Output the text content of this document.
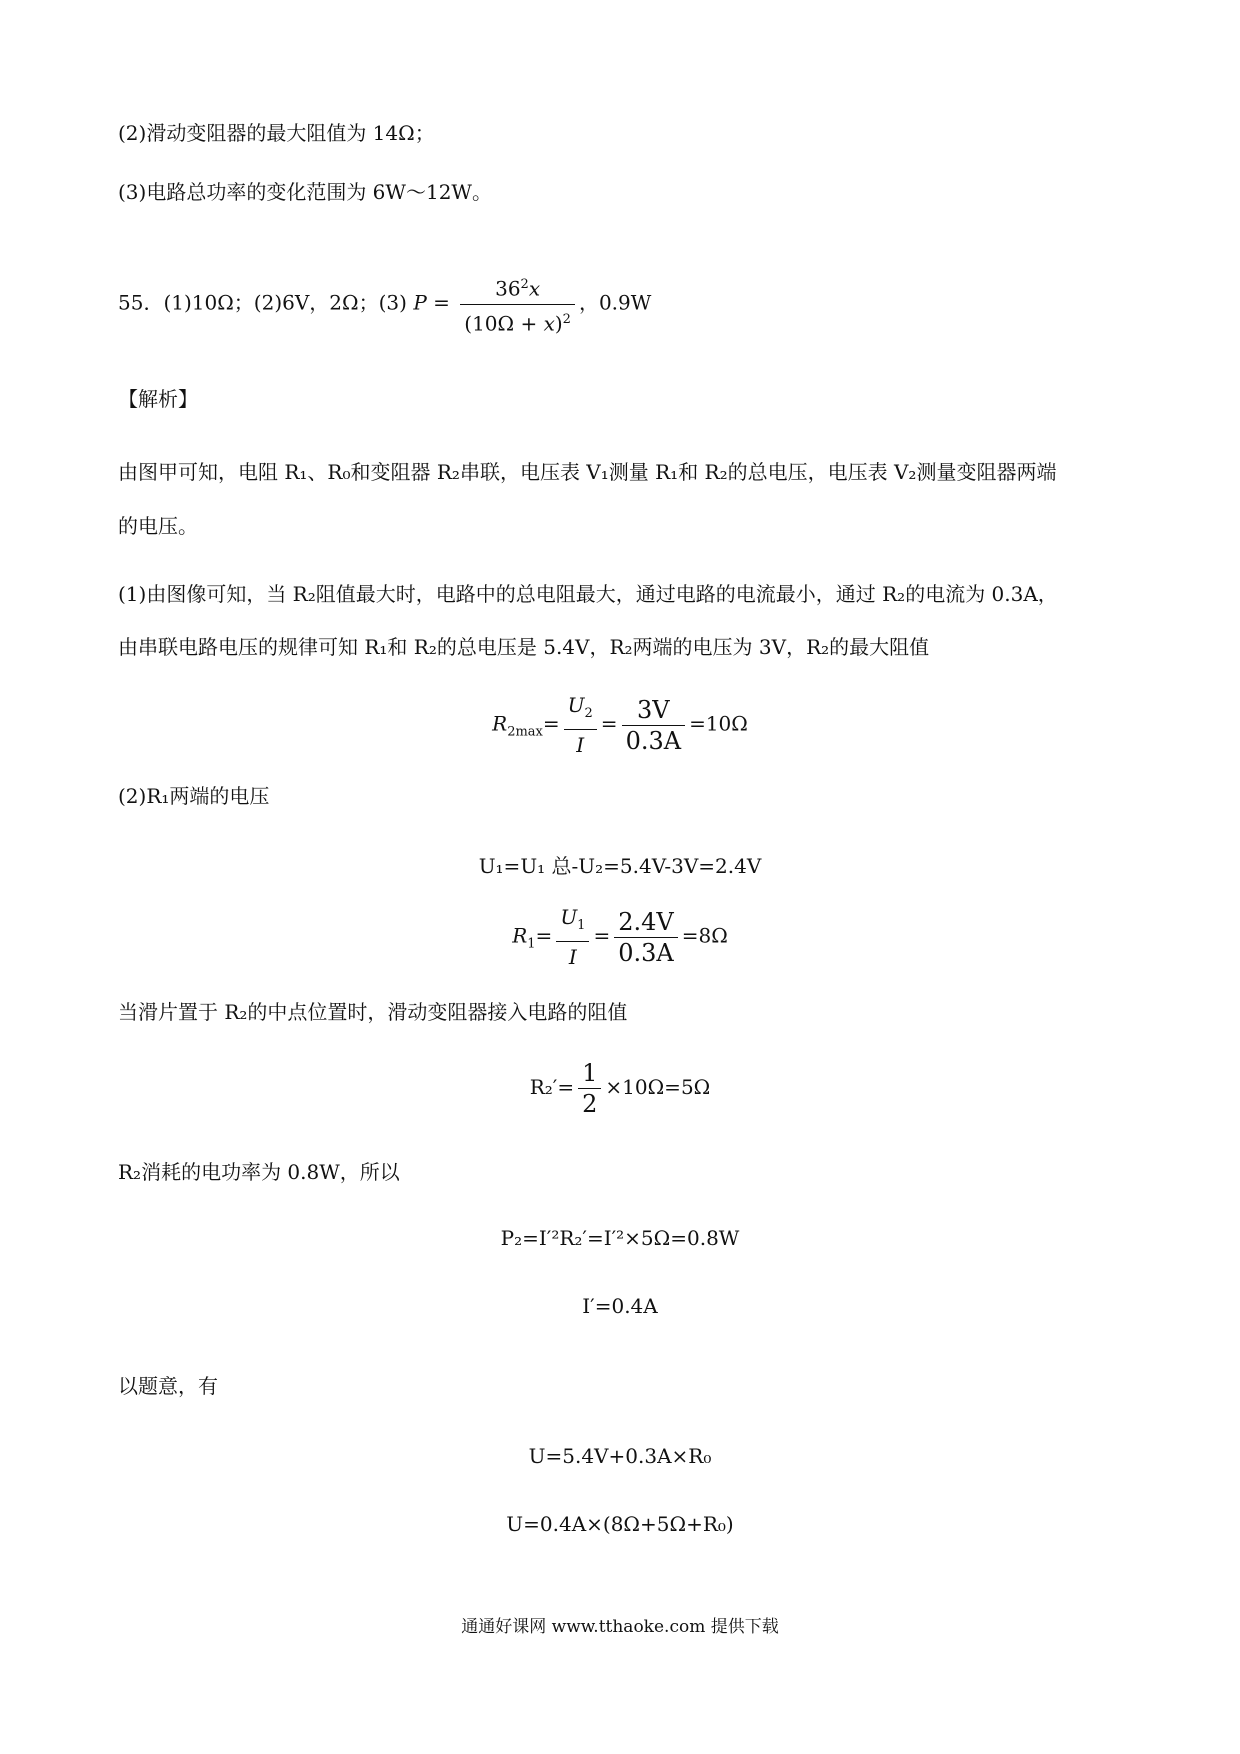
(2)滑动变阻器的最大阻值为 14Ω；
(3)电路总功率的变化范围为 6W～12W。
55．(1)10Ω；(2)6V，2Ω；(3) $P = \frac{36^2x}{(10\Omega + x)^2}$ ，0.9W
【解析】
由图甲可知，电阻 R₁、R₀和变阻器 R₂串联，电压表 V₁测量 R₁和 R₂的总电压，电压表 V₂测量变阻器两端
的电压。
(1)由图像可知，当 R₂阻值最大时，电路中的总电阻最大，通过电路的电流最小，通过 R₂的电流为 0.3A，
由串联电路电压的规律可知 R₁和 R₂的总电压是 5.4V，R₂两端的电压为 3V，R₂的最大阻值
$R_{2max}= \frac{U_2}{I} = \frac{3V}{0.3A} =10\Omega$
(2)R₁两端的电压
U₁=U₁ 总-U₂=5.4V-3V=2.4V
$R_1= \frac{U_1}{I} = \frac{2.4V}{0.3A} =8\Omega$
当滑片置于 R₂的中点位置时，滑动变阻器接入电路的阻值
$R_2'= \frac{1}{2} \times 10\Omega=5\Omega$
R₂消耗的电功率为 0.8W，所以
P₂=I′²R₂′=I′²×5Ω=0.8W
I′=0.4A
以题意，有
U=5.4V+0.3A×R₀
U=0.4A×(8Ω+5Ω+R₀)
通通好课网 www.tthaoke.com 提供下载
